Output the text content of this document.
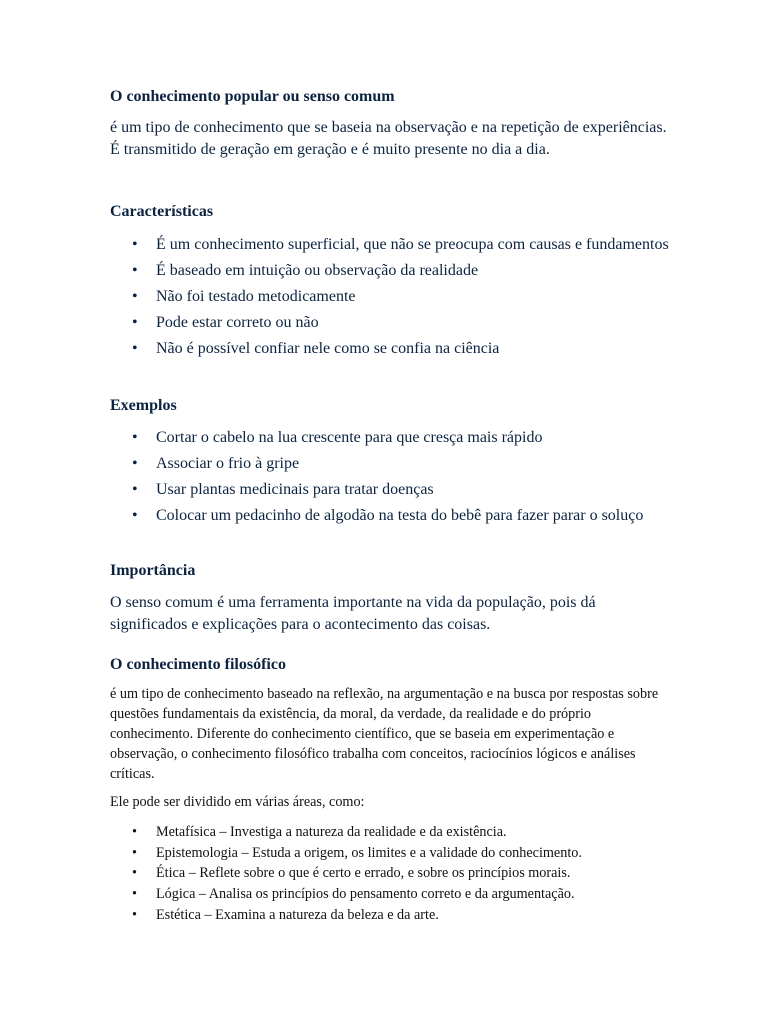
O conhecimento popular ou senso comum

é um tipo de conhecimento que se baseia na observação e na repetição de experiências. É transmitido de geração em geração e é muito presente no dia a dia.

Características
• É um conhecimento superficial, que não se preocupa com causas e fundamentos
• É baseado em intuição ou observação da realidade
• Não foi testado metodicamente
• Pode estar correto ou não
• Não é possível confiar nele como se confia na ciência
Exemplos
• Cortar o cabelo na lua crescente para que cresça mais rápido
• Associar o frio à gripe
• Usar plantas medicinais para tratar doenças
• Colocar um pedacinho de algodão na testa do bebê para fazer parar o soluço
Importância

O senso comum é uma ferramenta importante na vida da população, pois dá significados e explicações para o acontecimento das coisas.

O conhecimento filosófico

é um tipo de conhecimento baseado na reflexão, na argumentação e na busca por respostas sobre questões fundamentais da existência, da moral, da verdade, da realidade e do próprio conhecimento. Diferente do conhecimento científico, que se baseia em experimentação e observação, o conhecimento filosófico trabalha com conceitos, raciocínios lógicos e análises críticas.

Ele pode ser dividido em várias áreas, como:

• Metafísica – Investiga a natureza da realidade e da existência.
• Epistemologia – Estuda a origem, os limites e a validade do conhecimento.
• Ética – Reflete sobre o que é certo e errado, e sobre os princípios morais.
• Lógica – Analisa os princípios do pensamento correto e da argumentação.
• Estética – Examina a natureza da beleza e da arte.
